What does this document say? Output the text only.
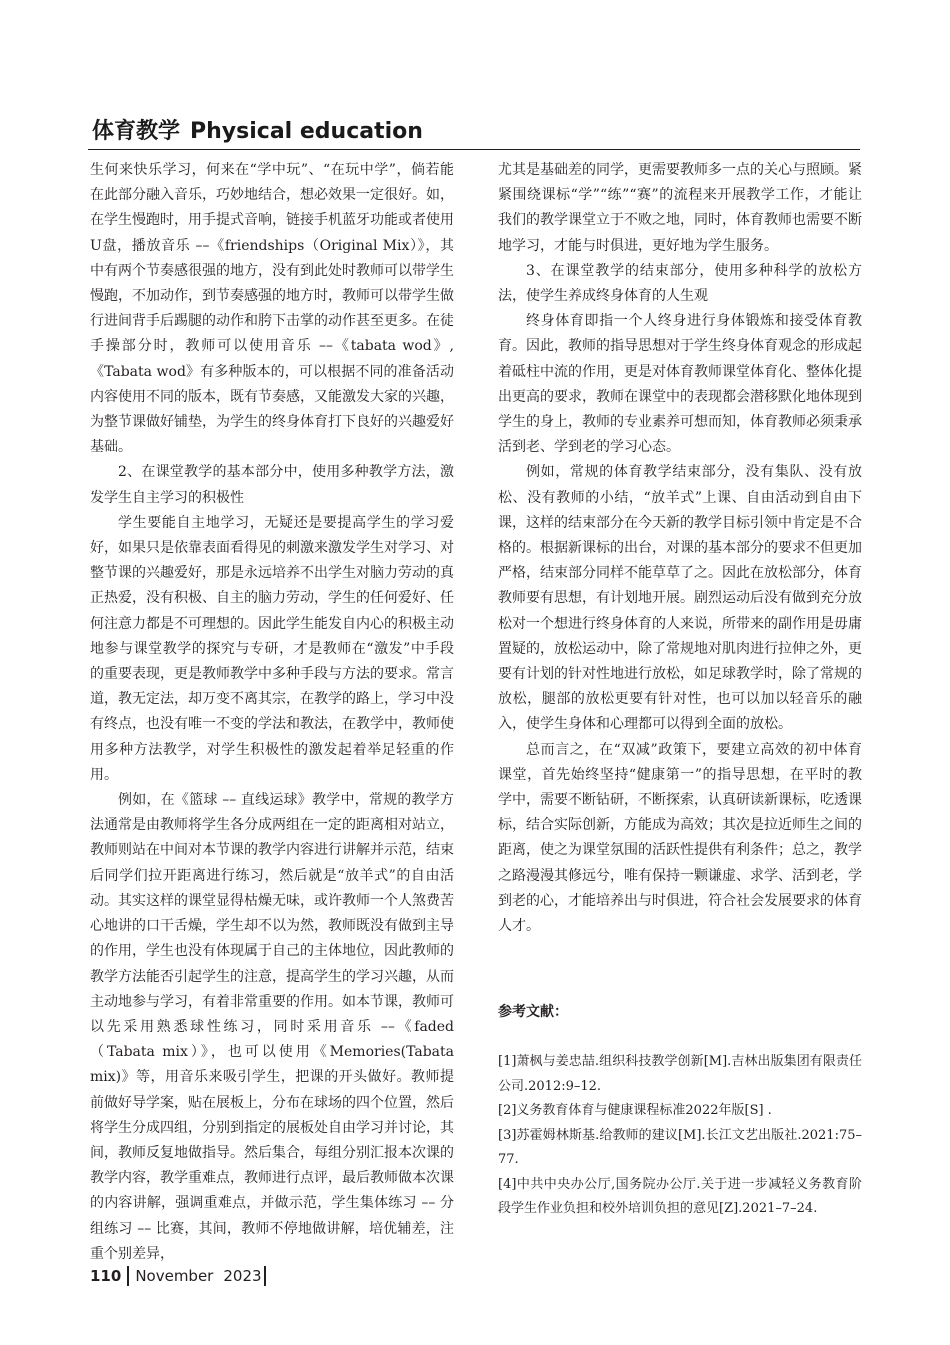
体育教学 Physical education

生何来快乐学习，何来在“学中玩”、“在玩中学”，倘若能在此部分融入音乐，巧妙地结合，想必效果一定很好。如，在学生慢跑时，用手提式音响，链接手机蓝牙功能或者使用U盘，播放音乐 ––《friendships（Original Mix）》，其中有两个节奏感很强的地方，没有到此处时教师可以带学生慢跑，不加动作，到节奏感强的地方时，教师可以带学生做行进间背手后踢腿的动作和胯下击掌的动作甚至更多。在徒手操部分时，教师可以使用音乐 ––《tabata wod》,《Tabata wod》有多种版本的，可以根据不同的准备活动内容使用不同的版本，既有节奏感，又能激发大家的兴趣，为整节课做好铺垫，为学生的终身体育打下良好的兴趣爱好基础。

2、在课堂教学的基本部分中，使用多种教学方法，激发学生自主学习的积极性

学生要能自主地学习，无疑还是要提高学生的学习爱好，如果只是依靠表面看得见的刺激来激发学生对学习、对整节课的兴趣爱好，那是永远培养不出学生对脑力劳动的真正热爱，没有积极、自主的脑力劳动，学生的任何爱好、任何注意力都是不可理想的。因此学生能发自内心的积极主动地参与课堂教学的探究与专研，才是教师在“激发”中手段的重要表现，更是教师教学中多种手段与方法的要求。常言道，教无定法，却万变不离其宗，在教学的路上，学习中没有终点，也没有唯一不变的学法和教法，在教学中，教师使用多种方法教学，对学生积极性的激发起着举足轻重的作用。

例如，在《篮球 –– 直线运球》教学中，常规的教学方法通常是由教师将学生各分成两组在一定的距离相对站立，教师则站在中间对本节课的教学内容进行讲解并示范，结束后同学们拉开距离进行练习，然后就是“放羊式”的自由活动。其实这样的课堂显得枯燥无味，或许教师一个人煞费苦心地讲的口干舌燥，学生却不以为然，教师既没有做到主导的作用，学生也没有体现属于自己的主体地位，因此教师的教学方法能否引起学生的注意，提高学生的学习兴趣，从而主动地参与学习，有着非常重要的作用。如本节课，教师可以先采用熟悉球性练习，同时采用音乐 ––《faded（Tabata mix）》，也可以使用《Memories(Tabata mix)》等，用音乐来吸引学生，把课的开头做好。教师提前做好导学案，贴在展板上，分布在球场的四个位置，然后将学生分成四组，分别到指定的展板处自由学习并讨论，其间，教师反复地做指导。然后集合，每组分别汇报本次课的教学内容，教学重难点，教师进行点评，最后教师做本次课的内容讲解，强调重难点，并做示范，学生集体练习 –– 分组练习 –– 比赛，其间，教师不停地做讲解，培优辅差，注重个别差异，

尤其是基础差的同学，更需要教师多一点的关心与照顾。紧紧围绕课标“学”“练”“赛”的流程来开展教学工作，才能让我们的教学课堂立于不败之地，同时，体育教师也需要不断地学习，才能与时俱进，更好地为学生服务。

3、在课堂教学的结束部分，使用多种科学的放松方法，使学生养成终身体育的人生观

终身体育即指一个人终身进行身体锻炼和接受体育教育。因此，教师的指导思想对于学生终身体育观念的形成起着砥柱中流的作用，更是对体育教师课堂体育化、整体化提出更高的要求，教师在课堂中的表现都会潜移默化地体现到学生的身上，教师的专业素养可想而知，体育教师必须秉承活到老、学到老的学习心态。

例如，常规的体育教学结束部分，没有集队、没有放松、没有教师的小结，“放羊式”上课、自由活动到自由下课，这样的结束部分在今天新的教学目标引领中肯定是不合格的。根据新课标的出台，对课的基本部分的要求不但更加严格，结束部分同样不能草草了之。因此在放松部分，体育教师要有思想，有计划地开展。剧烈运动后没有做到充分放松对一个想进行终身体育的人来说，所带来的副作用是毋庸置疑的，放松运动中，除了常规地对肌肉进行拉伸之外，更要有计划的针对性地进行放松，如足球教学时，除了常规的放松，腿部的放松更要有针对性，也可以加以轻音乐的融入，使学生身体和心理都可以得到全面的放松。

总而言之，在“双减”政策下，要建立高效的初中体育课堂，首先始终坚持“健康第一”的指导思想，在平时的教学中，需要不断钻研，不断探索，认真研读新课标，吃透课标，结合实际创新，方能成为高效；其次是拉近师生之间的距离，使之为课堂氛围的活跃性提供有利条件；总之，教学之路漫漫其修远兮，唯有保持一颗谦虚、求学、活到老，学到老的心，才能培养出与时俱进，符合社会发展要求的体育人才。

参考文献：

[1]萧枫与姜忠喆.组织科技教学创新[M].吉林出版集团有限责任公司.2012:9–12.

[2]义务教育体育与健康课程标准2022年版[S] .

[3]苏霍姆林斯基.给教师的建议[M].长江文艺出版社.2021:75–77.

[4]中共中央办公厅,国务院办公厅.关于进一步减轻义务教育阶段学生作业负担和校外培训负担的意见[Z].2021–7–24.

110 November 2023
